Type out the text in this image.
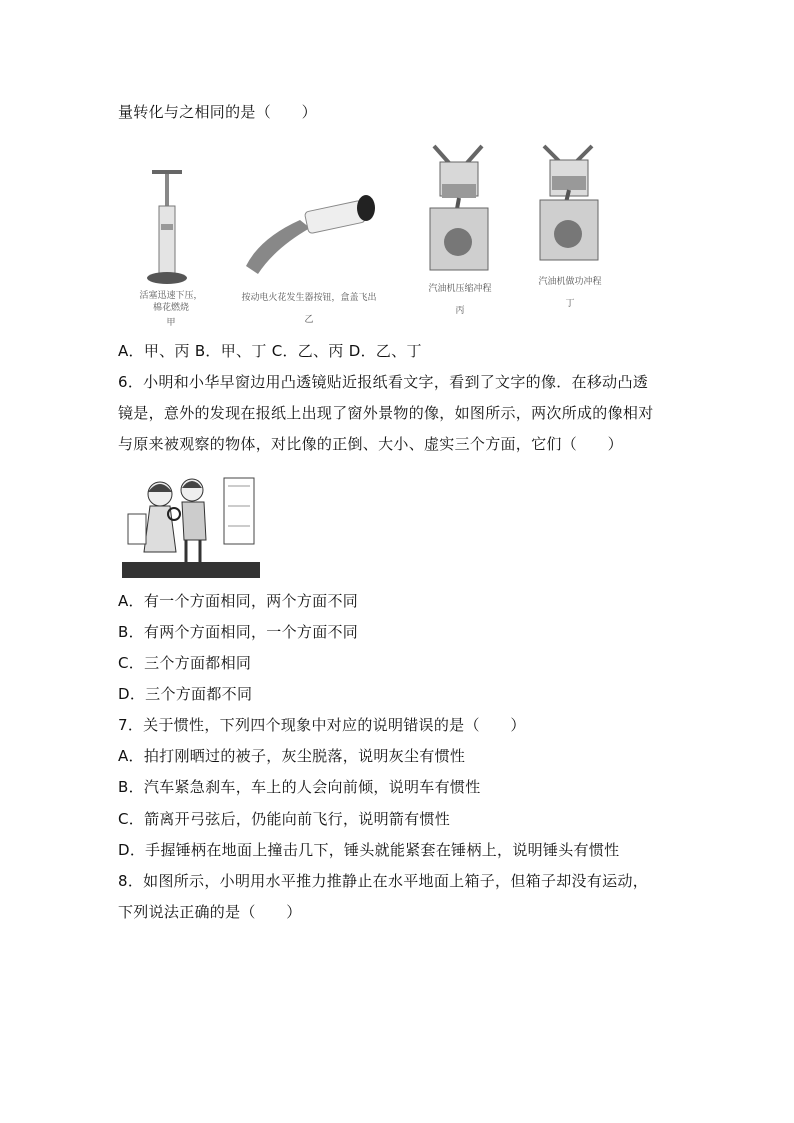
量转化与之相同的是（　　）
活塞迅速下压，
棉花燃烧
甲
按动电火花发生器按钮，盒盖飞出
乙
汽油机压缩冲程
丙
汽油机做功冲程
丁
A．甲、丙 B．甲、丁 C．乙、丙 D．乙、丁
6．小明和小华早窗边用凸透镜贴近报纸看文字，看到了文字的像．在移动凸透
镜是，意外的发现在报纸上出现了窗外景物的像，如图所示，两次所成的像相对
与原来被观察的物体，对比像的正倒、大小、虚实三个方面，它们（　　）
A．有一个方面相同，两个方面不同
B．有两个方面相同，一个方面不同
C．三个方面都相同
D．三个方面都不同
7．关于惯性，下列四个现象中对应的说明错误的是（　　）
A．拍打刚晒过的被子，灰尘脱落，说明灰尘有惯性
B．汽车紧急刹车，车上的人会向前倾，说明车有惯性
C．箭离开弓弦后，仍能向前飞行，说明箭有惯性
D．手握锤柄在地面上撞击几下，锤头就能紧套在锤柄上，说明锤头有惯性
8．如图所示，小明用水平推力推静止在水平地面上箱子，但箱子却没有运动，
下列说法正确的是（　　）
